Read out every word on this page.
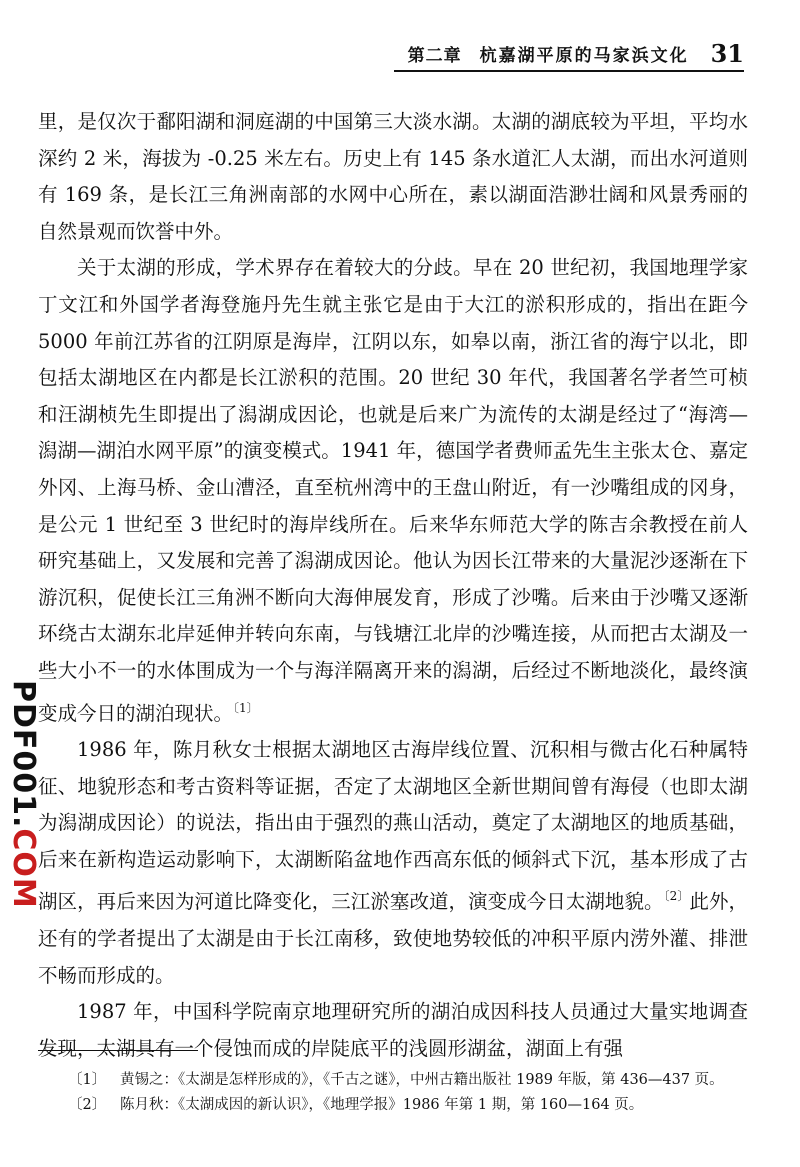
第二章 杭嘉湖平原的马家浜文化 31

里，是仅次于鄱阳湖和洞庭湖的中国第三大淡水湖。太湖的湖底较为平坦，平均水深约 2 米，海拔为 -0.25 米左右。历史上有 145 条水道汇人太湖，而出水河道则有 169 条，是长江三角洲南部的水网中心所在，素以湖面浩渺壮阔和风景秀丽的自然景观而饮誉中外。

关于太湖的形成，学术界存在着较大的分歧。早在 20 世纪初，我国地理学家丁文江和外国学者海登施丹先生就主张它是由于大江的淤积形成的，指出在距今 5000 年前江苏省的江阴原是海岸，江阴以东，如皋以南，浙江省的海宁以北，即包括太湖地区在内都是长江淤积的范围。20 世纪 30 年代，我国著名学者竺可桢和汪湖桢先生即提出了潟湖成因论，也就是后来广为流传的太湖是经过了“海湾—潟湖—湖泊水网平原”的演变模式。1941 年，德国学者费师孟先生主张太仓、嘉定外冈、上海马桥、金山漕泾，直至杭州湾中的王盘山附近，有一沙嘴组成的冈身，是公元 1 世纪至 3 世纪时的海岸线所在。后来华东师范大学的陈吉余教授在前人研究基础上，又发展和完善了潟湖成因论。他认为因长江带来的大量泥沙逐渐在下游沉积，促使长江三角洲不断向大海伸展发育，形成了沙嘴。后来由于沙嘴又逐渐环绕古太湖东北岸延伸并转向东南，与钱塘江北岸的沙嘴连接，从而把古太湖及一些大小不一的水体围成为一个与海洋隔离开来的潟湖，后经过不断地淡化，最终演变成今日的湖泊现状。$^{〔1〕}$

1986 年，陈月秋女士根据太湖地区古海岸线位置、沉积相与微古化石种属特征、地貌形态和考古资料等证据，否定了太湖地区全新世期间曾有海侵（也即太湖为潟湖成因论）的说法，指出由于强烈的燕山活动，奠定了太湖地区的地质基础，后来在新构造运动影响下，太湖断陷盆地作西高东低的倾斜式下沉，基本形成了古湖区，再后来因为河道比降变化，三江淤塞改道，演变成今日太湖地貌。$^{〔2〕}$此外，还有的学者提出了太湖是由于长江南移，致使地势较低的冲积平原内涝外灌、排泄不畅而形成的。

1987 年，中国科学院南京地理研究所的湖泊成因科技人员通过大量实地调查发现，太湖具有一个侵蚀而成的岸陡底平的浅圆形湖盆，湖面上有强

PDF001.COM
〔1〕 黄锡之：《太湖是怎样形成的》，《千古之谜》，中州古籍出版社 1989 年版，第 436—437 页。
〔2〕 陈月秋：《太湖成因的新认识》，《地理学报》1986 年第 1 期，第 160—164 页。
